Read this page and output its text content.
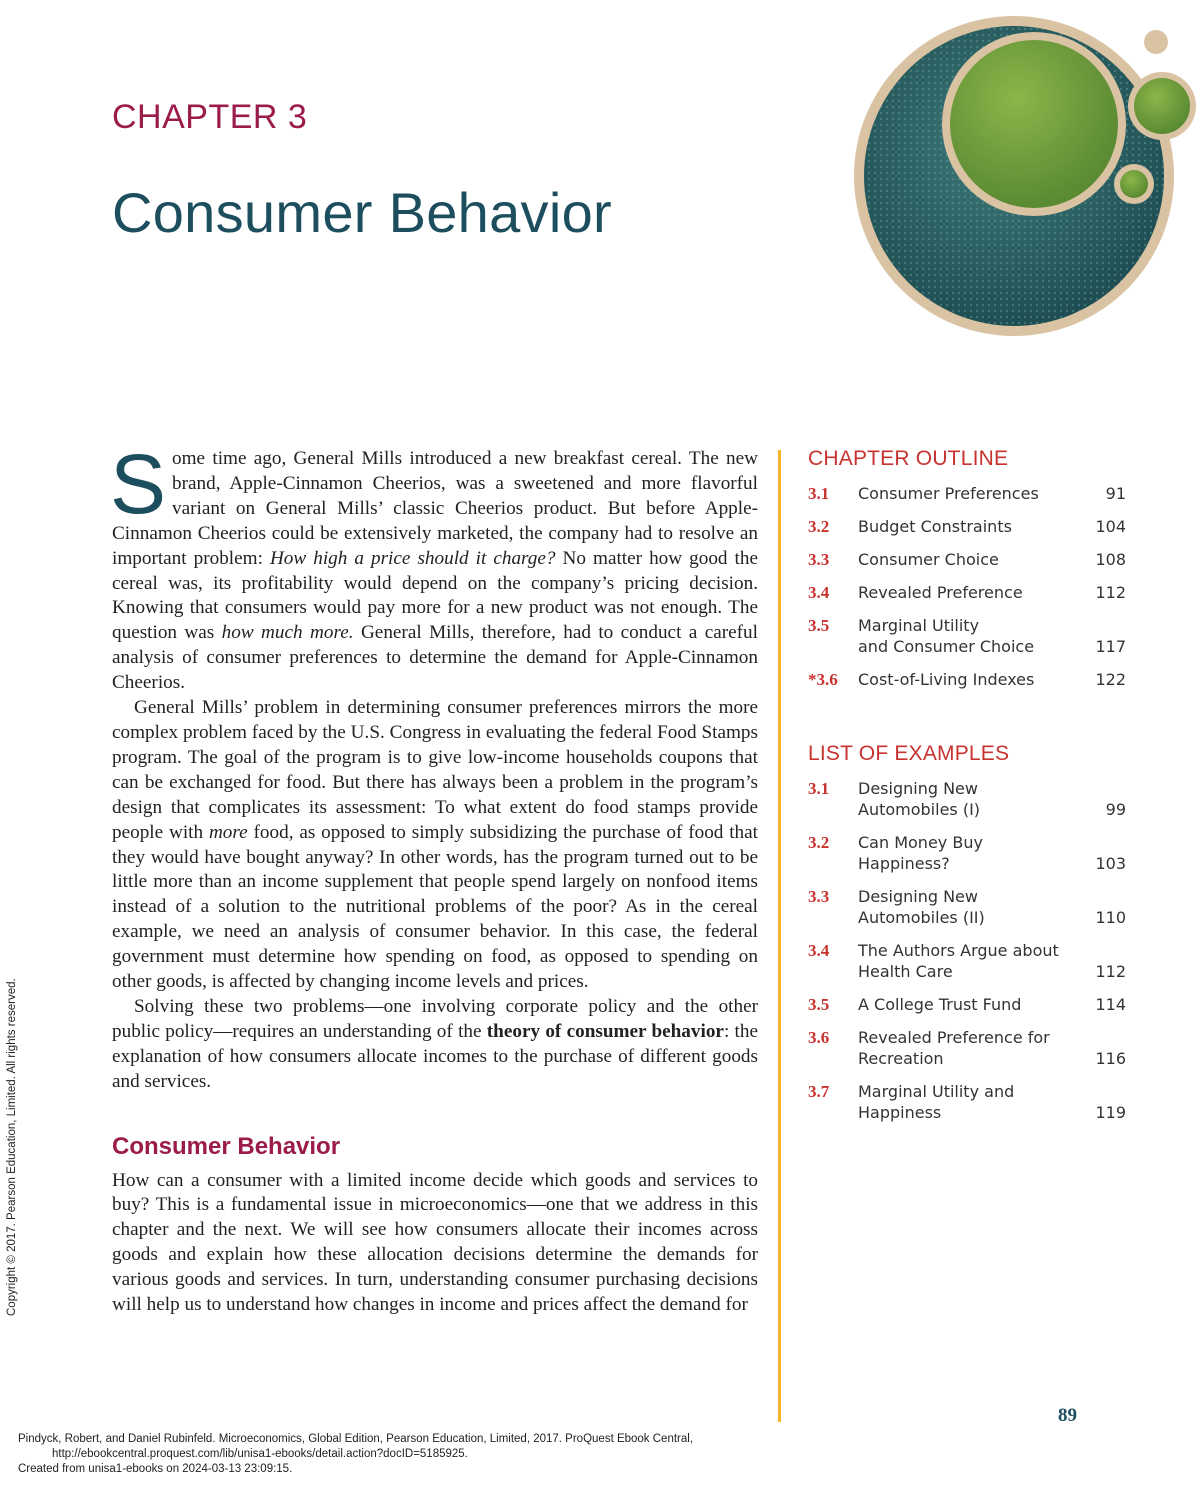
CHAPTER 3
Consumer Behavior

Some time ago, General Mills introduced a new breakfast cereal. The new brand, Apple-Cinnamon Cheerios, was a sweetened and more flavorful variant on General Mills’ classic Cheerios product. But before Apple-Cinnamon Cheerios could be extensively marketed, the company had to resolve an important problem: How high a price should it charge? No matter how good the cereal was, its profitability would depend on the company’s pricing decision. Knowing that consumers would pay more for a new product was not enough. The question was how much more. General Mills, therefore, had to conduct a careful analysis of consumer preferences to determine the demand for Apple-Cinnamon Cheerios.

General Mills’ problem in determining consumer preferences mirrors the more complex problem faced by the U.S. Congress in evaluating the federal Food Stamps program. The goal of the program is to give low-income households coupons that can be exchanged for food. But there has always been a problem in the program’s design that complicates its assessment: To what extent do food stamps provide people with more food, as opposed to simply subsidizing the purchase of food that they would have bought anyway? In other words, has the program turned out to be little more than an income supplement that people spend largely on nonfood items instead of a solution to the nutritional problems of the poor? As in the cereal example, we need an analysis of consumer behavior. In this case, the federal government must determine how spending on food, as opposed to spending on other goods, is affected by changing income levels and prices.

Solving these two problems—one involving corporate policy and the other public policy—requires an understanding of the theory of consumer behavior: the explanation of how consumers allocate incomes to the purchase of different goods and services.

Consumer Behavior

How can a consumer with a limited income decide which goods and services to buy? This is a fundamental issue in microeconomics—one that we address in this chapter and the next. We will see how consumers allocate their incomes across goods and explain how these allocation decisions determine the demands for various goods and services. In turn, understanding consumer purchasing decisions will help us to understand how changes in income and prices affect the demand for

CHAPTER OUTLINE
3.1	Consumer Preferences	91
3.2	Budget Constraints	104
3.3	Consumer Choice	108
3.4	Revealed Preference	112
3.5	Marginal Utility
and Consumer Choice	117
*3.6	Cost-of-Living Indexes	122
LIST OF EXAMPLES
3.1	Designing New
Automobiles (I)	99
3.2	Can Money Buy
Happiness?	103
3.3	Designing New
Automobiles (II)	110
3.4	The Authors Argue about
Health Care	112
3.5	A College Trust Fund	114
3.6	Revealed Preference for
Recreation	116
3.7	Marginal Utility and
Happiness	119
89
Copyright © 2017. Pearson Education, Limited. All rights reserved.
Pindyck, Robert, and Daniel Rubinfeld. Microeconomics, Global Edition, Pearson Education, Limited, 2017. ProQuest Ebook Central,
http://ebookcentral.proquest.com/lib/unisa1-ebooks/detail.action?docID=5185925.
Created from unisa1-ebooks on 2024-03-13 23:09:15.
